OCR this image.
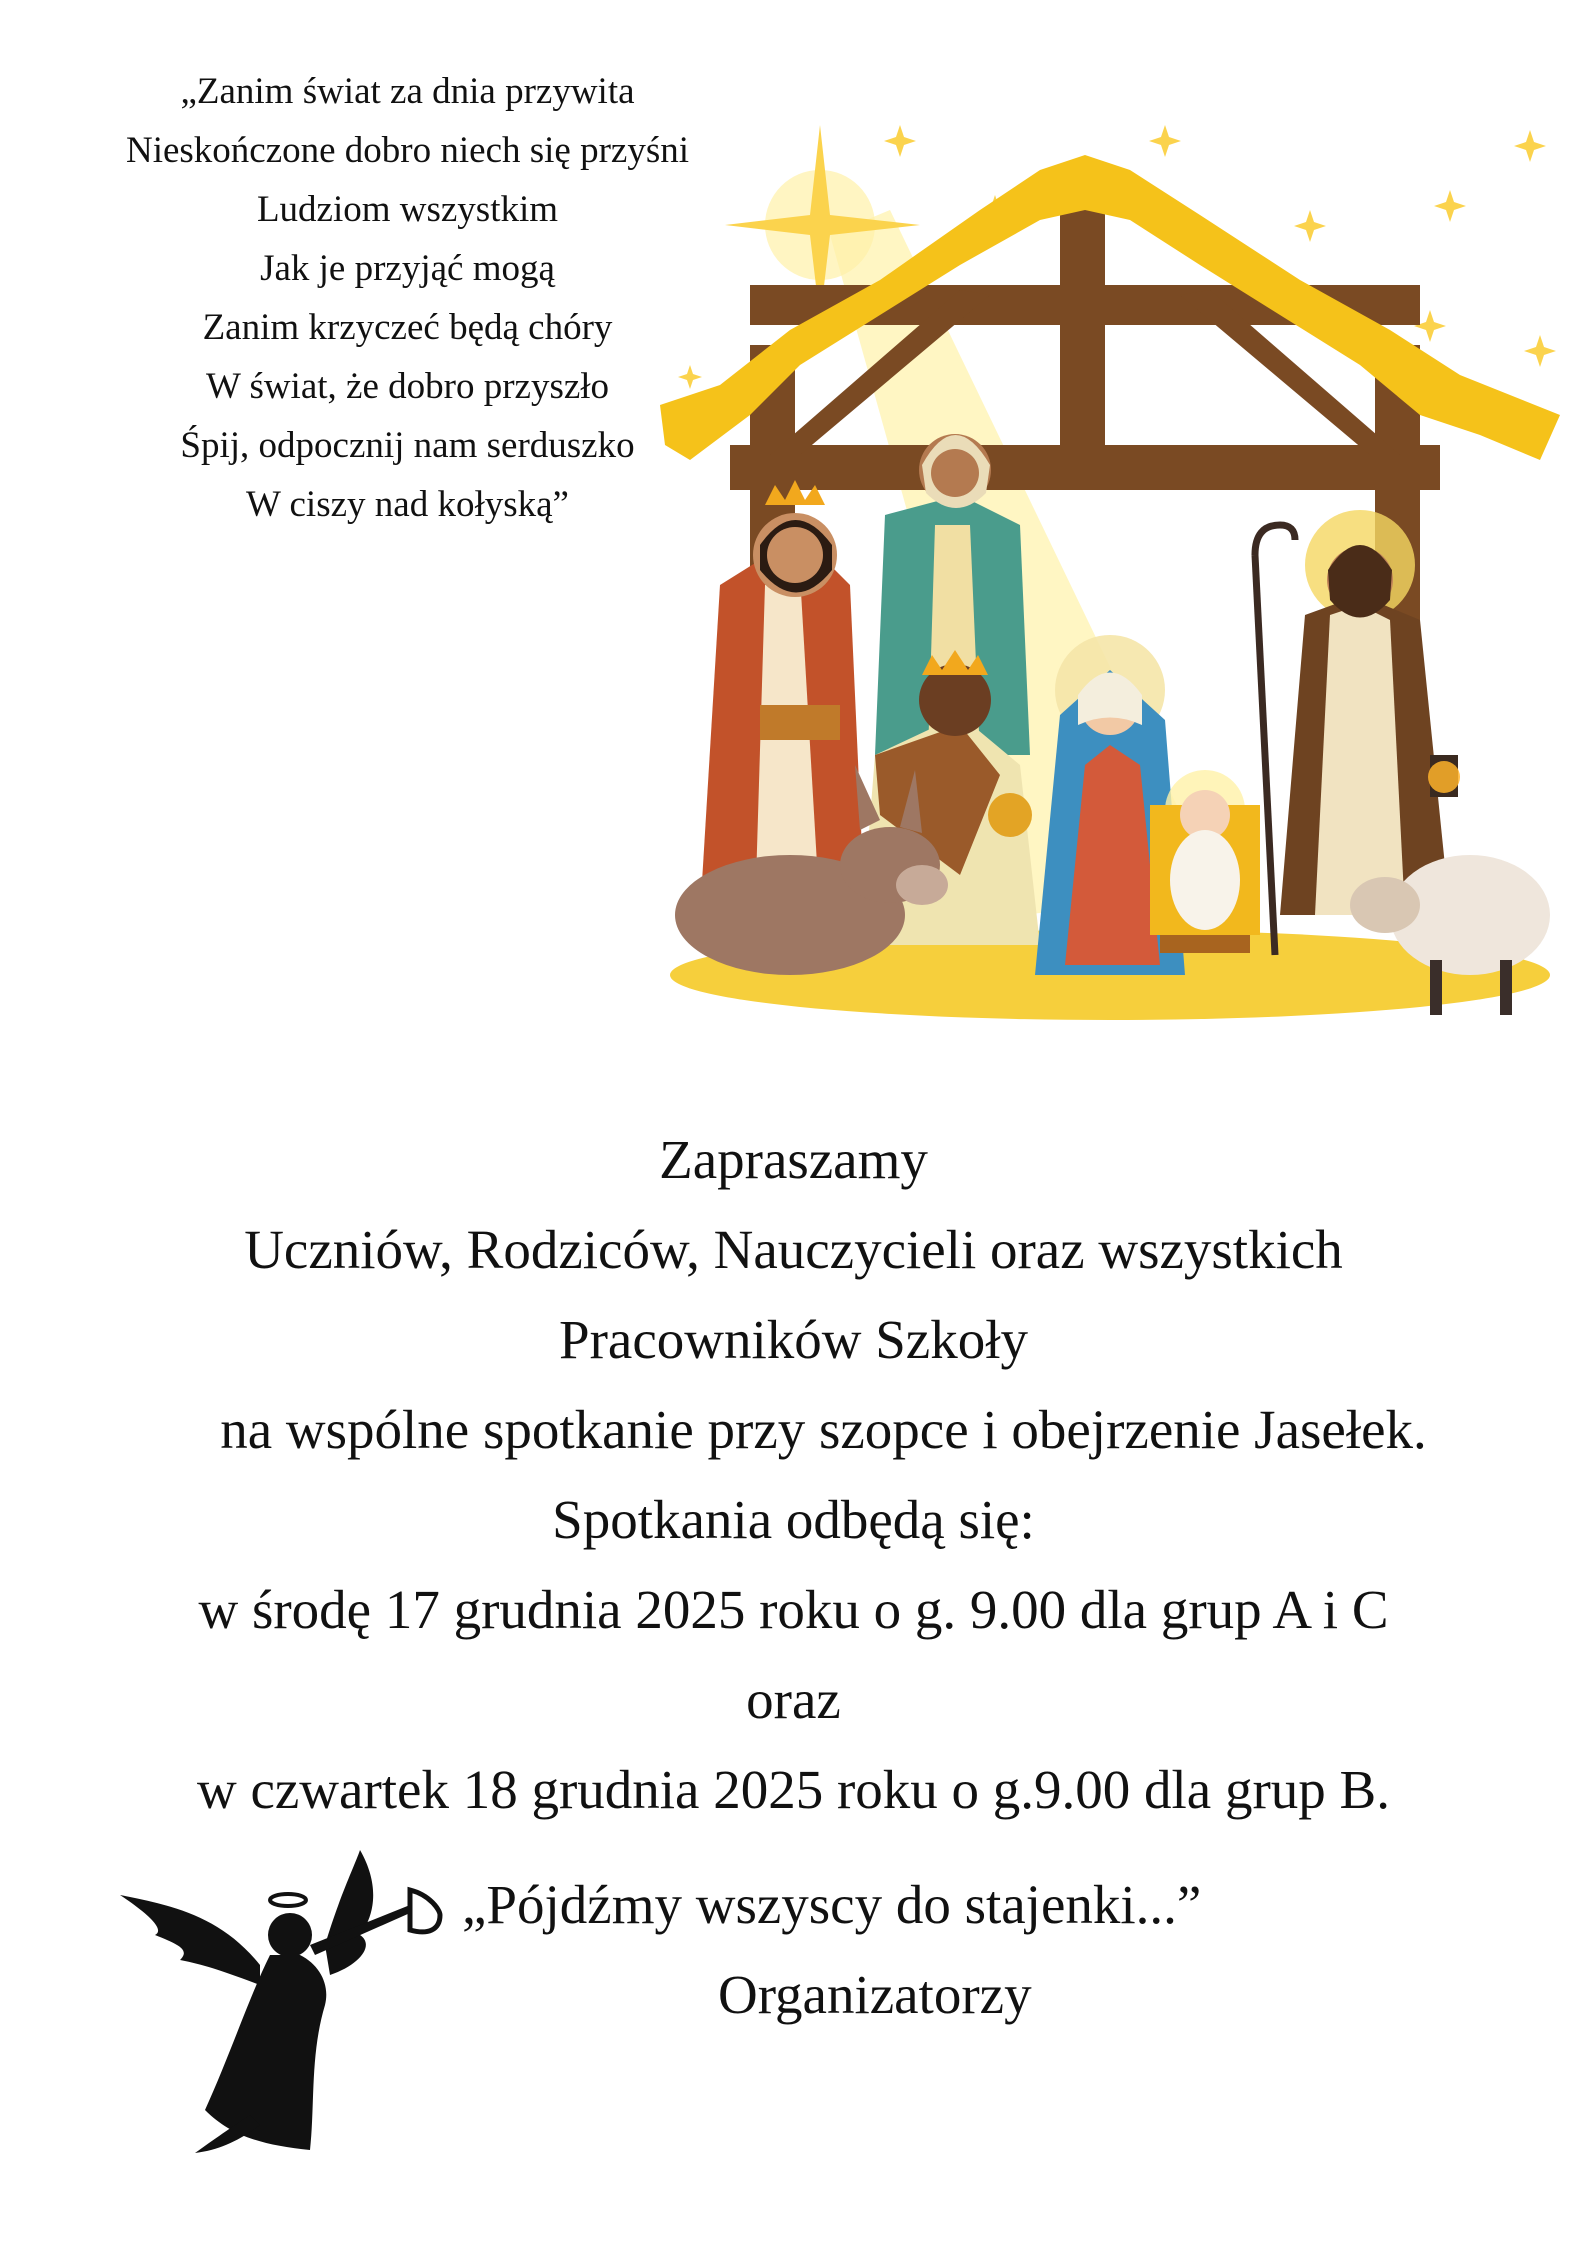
„Zanim świat za dnia przywita
Nieskończone dobro niech się przyśni
Ludziom wszystkim
Jak je przyjąć mogą
Zanim krzyczeć będą chóry
W świat, że dobro przyszło
Śpij, odpocznij nam serduszko
W ciszy nad kołyską”
Zapraszamy
Uczniów, Rodziców, Nauczycieli oraz wszystkich
Pracowników Szkoły
na wspólne spotkanie przy szopce i obejrzenie Jasełek.
Spotkania odbędą się:
w środę 17 grudnia 2025 roku o g. 9.00 dla grup A i C
oraz
w czwartek 18 grudnia 2025 roku o g.9.00 dla grup B.
„Pójdźmy wszyscy do stajenki...”
Organizatorzy
